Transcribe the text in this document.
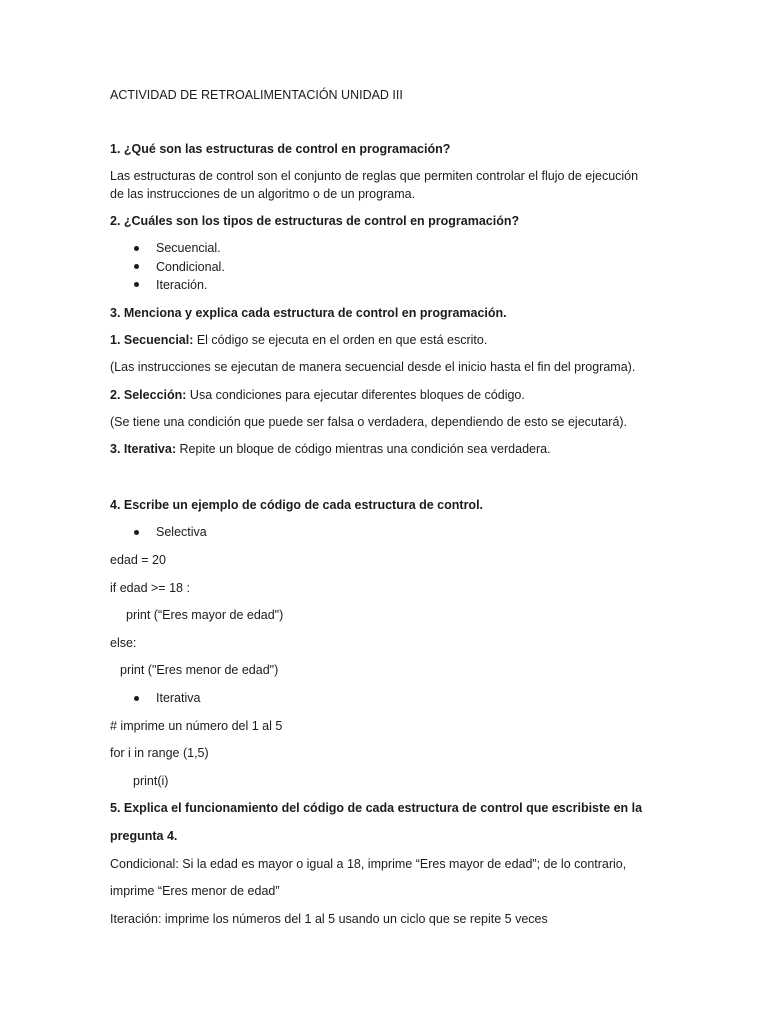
ACTIVIDAD DE RETROALIMENTACIÓN UNIDAD III
1. ¿Qué son las estructuras de control en programación?
Las estructuras de control son el conjunto de reglas que permiten controlar el flujo de ejecución
de las instrucciones de un algoritmo o de un programa.
2. ¿Cuáles son los tipos de estructuras de control en programación?
Secuencial.
Condicional.
Iteración.
3. Menciona y explica cada estructura de control en programación.
1. Secuencial: El código se ejecuta en el orden en que está escrito.
(Las instrucciones se ejecutan de manera secuencial desde el inicio hasta el fin del programa).
2. Selección: Usa condiciones para ejecutar diferentes bloques de código.
(Se tiene una condición que puede ser falsa o verdadera, dependiendo de esto se ejecutará).
3. Iterativa: Repite un bloque de código mientras una condición sea verdadera.
4. Escribe un ejemplo de código de cada estructura de control.
Selectiva
edad = 20
if edad >= 18 :
print (“Eres mayor de edad")
else:
print ("Eres menor de edad")
Iterativa
# imprime un número del 1 al 5
for i in range (1,5)
print(i)
5. Explica el funcionamiento del código de cada estructura de control que escribiste en la
pregunta 4.
Condicional: Si la edad es mayor o igual a 18, imprime “Eres mayor de edad”; de lo contrario,
imprime “Eres menor de edad”
Iteración: imprime los números del 1 al 5 usando un ciclo que se repite 5 veces
